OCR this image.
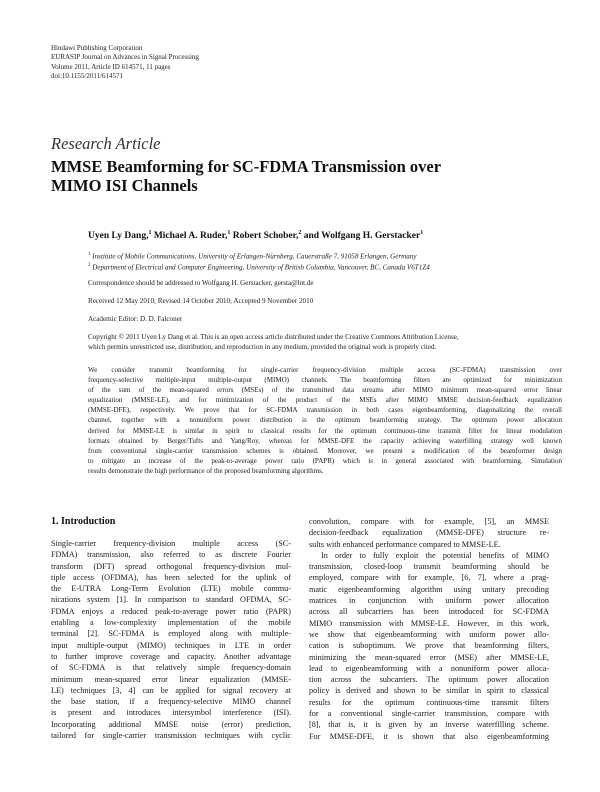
Hindawi Publishing Corporation
EURASIP Journal on Advances in Signal Processing
Volume 2011, Article ID 614571, 11 pages
doi:10.1155/2011/614571
Research Article
MMSE Beamforming for SC-FDMA Transmission over
MIMO ISI Channels
Uyen Ly Dang,$^1$ Michael A. Ruder,$^1$ Robert Schober,$^2$ and Wolfgang H. Gerstacker$^1$
$^1$ Institute of Mobile Communications, University of Erlangen-Nürnberg, Cauerstraße 7, 91058 Erlangen, Germany
$^2$ Department of Electrical and Computer Engineering, University of British Columbia, Vancouver, BC, Canada V6T1Z4
Correspondence should be addressed to Wolfgang H. Gerstacker, gersta@lnt.de
Received 12 May 2010; Revised 14 October 2010; Accepted 9 November 2010
Academic Editor: D. D. Falconer
Copyright © 2011 Uyen Ly Dang et al. This is an open access article distributed under the Creative Commons Attribution License,
which permits unrestricted use, distribution, and reproduction in any medium, provided the original work is properly cited.
We consider transmit beamforming for single-carrier frequency-division multiple access (SC-FDMA) transmission over
frequency-selective multiple-input multiple-output (MIMO) channels. The beamforming filters are optimized for minimization
of the sum of the mean-squared errors (MSEs) of the transmitted data streams after MIMO minimum mean-squared error linear
equalization (MMSE-LE), and for minimization of the product of the MSEs after MIMO MMSE decision-feedback equalization
(MMSE-DFE), respectively. We prove that for SC-FDMA transmission in both cases eigenbeamforming, diagonalizing the overall
channel, together with a nonuniform power distribution is the optimum beamforming strategy. The optimum power allocation
derived for MMSE-LE is similar in spirit to classical results for the optimum continuous-time transmit filter for linear modulation
formats obtained by Berger/Tufts and Yang/Roy, whereas for MMSE-DFE the capacity achieving waterfilling strategy well known
from conventional single-carrier transmission schemes is obtained. Moreover, we present a modification of the beamformer design
to mitigate an increase of the peak-to-average power ratio (PAPR) which is in general associated with beamforming. Simulation
results demonstrate the high performance of the proposed beamforming algorithms.
1. Introduction
Single-carrier frequency-division multiple access (SC-
FDMA) transmission, also referred to as discrete Fourier
transform (DFT) spread orthogonal frequency-division mul-
tiple access (OFDMA), has been selected for the uplink of
the E-UTRA Long-Term Evolution (LTE) mobile commu-
nications system [1]. In comparison to standard OFDMA, SC-
FDMA enjoys a reduced peak-to-average power ratio (PAPR)
enabling a low-complexity implementation of the mobile
terminal [2]. SC-FDMA is employed along with multiple-
input multiple-output (MIMO) techniques in LTE in order
to further improve coverage and capacity. Another advantage
of SC-FDMA is that relatively simple frequency-domain
minimum mean-squared error linear equalization (MMSE-
LE) techniques [3, 4] can be applied for signal recovery at
the base station, if a frequency-selective MIMO channel
is present and introduces intersymbol interference (ISI).
Incorporating additional MMSE noise (error) prediction,
tailored for single-carrier transmission techniques with cyclic
convolution, compare with for example, [5], an MMSE
decision-feedback equalization (MMSE-DFE) structure re-
sults with enhanced performance compared to MMSE-LE.
In order to fully exploit the potential benefits of MIMO
transmission, closed-loop transmit beamforming should be
employed, compare with for example, [6, 7], where a prag-
matic eigenbeamforming algorithm using unitary precoding
matrices in conjunction with uniform power allocation
across all subcarriers has been introduced for SC-FDMA
MIMO transmission with MMSE-LE. However, in this work,
we show that eigenbeamforming with uniform power allo-
cation is suboptimum. We prove that beamforming filters,
minimizing the mean-squared error (MSE) after MMSE-LE,
lead to eigenbeamforming with a nonuniform power alloca-
tion across the subcarriers. The optimum power allocation
policy is derived and shown to be similar in spirit to classical
results for the optimum continuous-time transmit filters
for a conventional single-carrier transmission, compare with
[8], that is, it is given by an inverse waterfilling scheme.
For MMSE-DFE, it is shown that also eigenbeamforming
